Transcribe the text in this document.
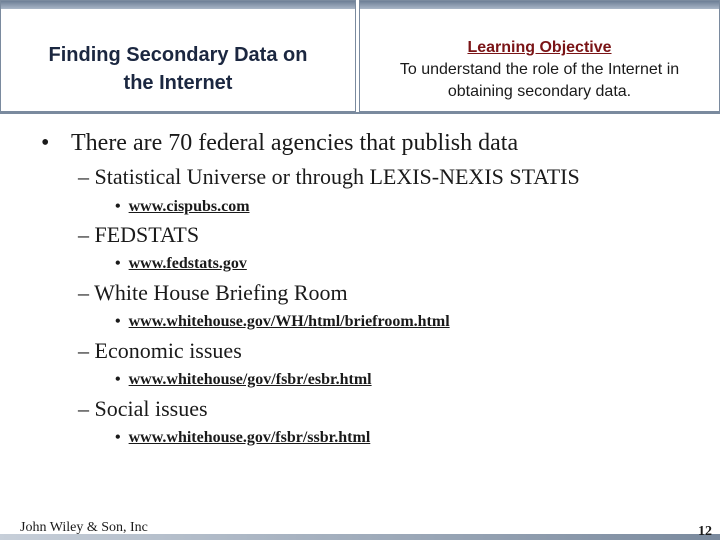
Finding Secondary Data on
the Internet
Learning Objective
To understand the role of the Internet in
obtaining secondary data.
• There are 70 federal agencies that publish data
– Statistical Universe or through LEXIS-NEXIS STATIS
• www.cispubs.com
– FEDSTATS
• www.fedstats.gov
– White House Briefing Room
• www.whitehouse.gov/WH/html/briefroom.html
– Economic issues
• www.whitehouse/gov/fsbr/esbr.html
– Social issues
• www.whitehouse.gov/fsbr/ssbr.html
John Wiley & Son, Inc	12
